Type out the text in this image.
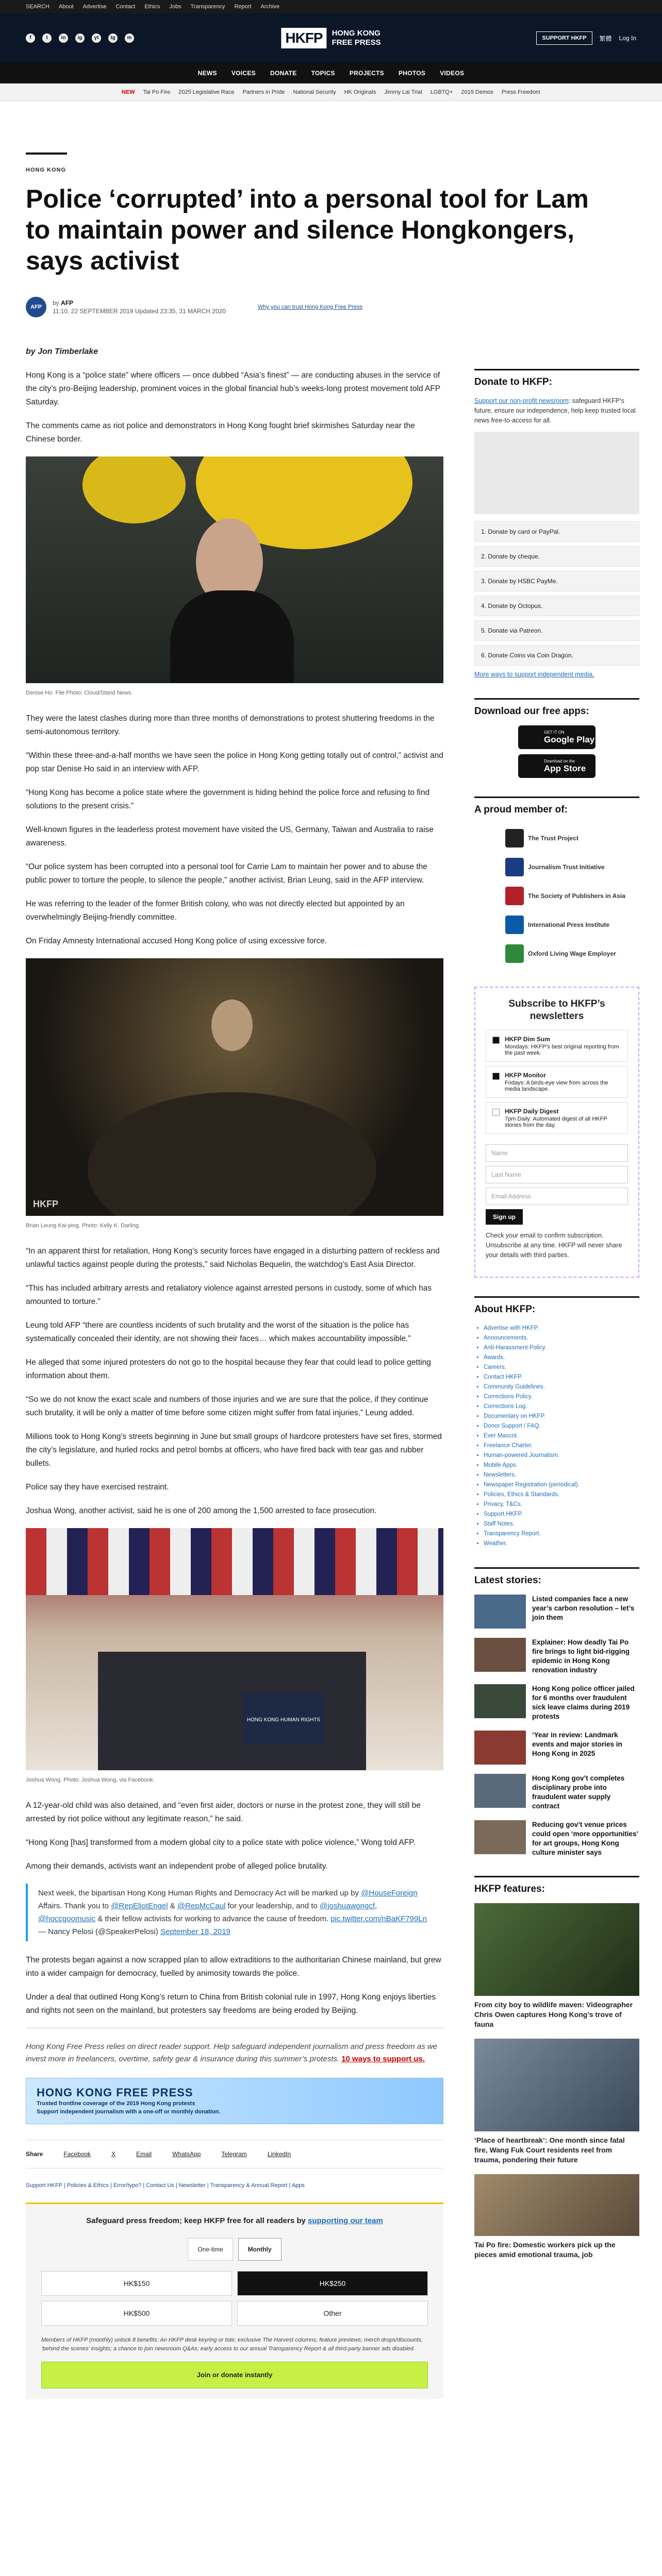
SEARCH About Advertise Contact Ethics Jobs Transparency Report Archive
f	t	in	ig	yt	tg	m	HKFP	HONG KONG
FREE PRESS	SUPPORT HKFP	繁體 Log In
NEWS VOICES DONATE TOPICS PROJECTS PHOTOS VIDEOS
NEW Tai Po Fire 2025 Legislative Race Partners in Pride National Security HK Originals Jimmy Lai Trial LGBTQ+ 2019 Demos Press Freedom
HONG KONG
Police ‘corrupted’ into a personal tool for Lam to maintain power and silence Hongkongers, says activist
AFP
by AFP
11:10, 22 SEPTEMBER 2019 Updated 23:35, 31 MARCH 2020
Why you can trust Hong Kong Free Press
by Jon Timberlake

Hong Kong is a “police state” where officers — once dubbed “Asia’s finest” — are conducting abuses in the service of the city’s pro-Beijing leadership, prominent voices in the global financial hub’s weeks-long protest movement told AFP Saturday.

The comments came as riot police and demonstrators in Hong Kong fought brief skirmishes Saturday near the Chinese border.

Denise Ho. File Photo: Cloud/Stand News.

They were the latest clashes during more than three months of demonstrations to protest shuttering freedoms in the semi-autonomous territory.

“Within these three-and-a-half months we have seen the police in Hong Kong getting totally out of control,” activist and pop star Denise Ho said in an interview with AFP.

“Hong Kong has become a police state where the government is hiding behind the police force and refusing to find solutions to the present crisis.”

Well-known figures in the leaderless protest movement have visited the US, Germany, Taiwan and Australia to raise awareness.

“Our police system has been corrupted into a personal tool for Carrie Lam to maintain her power and to abuse the public power to torture the people, to silence the people,” another activist, Brian Leung, said in the AFP interview.

He was referring to the leader of the former British colony, who was not directly elected but appointed by an overwhelmingly Beijing-friendly committee.

On Friday Amnesty International accused Hong Kong police of using excessive force.

HKFP
Brian Leung Kai-ping. Photo: Kelly K. Darling.

“In an apparent thirst for retaliation, Hong Kong’s security forces have engaged in a disturbing pattern of reckless and unlawful tactics against people during the protests,” said Nicholas Bequelin, the watchdog’s East Asia Director.

“This has included arbitrary arrests and retaliatory violence against arrested persons in custody, some of which has amounted to torture.”

Leung told AFP “there are countless incidents of such brutality and the worst of the situation is the police has systematically concealed their identity, are not showing their faces… which makes accountability impossible.”

He alleged that some injured protesters do not go to the hospital because they fear that could lead to police getting information about them.

“So we do not know the exact scale and numbers of those injuries and we are sure that the police, if they continue such brutality, it will be only a matter of time before some citizen might suffer from fatal injuries,” Leung added.

Millions took to Hong Kong’s streets beginning in June but small groups of hardcore protesters have set fires, stormed the city’s legislature, and hurled rocks and petrol bombs at officers, who have fired back with tear gas and rubber bullets.

Police say they have exercised restraint.

Joshua Wong, another activist, said he is one of 200 among the 1,500 arrested to face prosecution.

HONG KONG HUMAN RIGHTS
Joshua Wong. Photo: Joshua Wong, via Facebook.

A 12-year-old child was also detained, and “even first aider, doctors or nurse in the protest zone, they will still be arrested by riot police without any legitimate reason,” he said.

“Hong Kong [has] transformed from a modern global city to a police state with police violence,” Wong told AFP.

Among their demands, activists want an independent probe of alleged police brutality.

Next week, the bipartisan Hong Kong Human Rights and Democracy Act will be marked up by @HouseForeign Affairs. Thank you to @RepEliotEngel & @RepMcCaul for your leadership, and to @joshuawongcf, @hoccgoomusic & their fellow activists for working to advance the cause of freedom. pic.twitter.com/nBaKF799Ln
— Nancy Pelosi (@SpeakerPelosi) September 18, 2019

The protests began against a now scrapped plan to allow extraditions to the authoritarian Chinese mainland, but grew into a wider campaign for democracy, fuelled by animosity towards the police.

Under a deal that outlined Hong Kong’s return to China from British colonial rule in 1997, Hong Kong enjoys liberties and rights not seen on the mainland, but protesters say freedoms are being eroded by Beijing.

Hong Kong Free Press relies on direct reader support. Help safeguard independent journalism and press freedom as we invest more in freelancers, overtime, safety gear & insurance during this summer’s protests. 10 ways to support us.
HONG KONG FREE PRESS
Trusted frontline coverage of the 2019 Hong Kong protests
Support independent journalism with a one-off or monthly donation.
Share	Facebook	X	Email	WhatsApp	Telegram	LinkedIn
Support HKFP | Policies & Ethics | Error/typo? | Contact Us | Newsletter | Transparency & Annual Report | Apps
Safeguard press freedom; keep HKFP free for all readers by supporting our team
One-time	Monthly
HK$150	HK$250
HK$500	Other
Members of HKFP (monthly) unlock 8 benefits: An HKFP desk keyring or tote; exclusive The Harvest columns; feature previews; merch drops/discounts; ‘behind the scenes’ insights; a chance to join newsroom Q&As; early access to our annual Transparency Report & all third-party banner ads disabled.
Join or donate instantly
Donate to HKFP:
Support our non-profit newsroom: safeguard HKFP’s future, ensure our independence, help keep trusted local news free-to-access for all.
1. Donate by card or PayPal.
2. Donate by cheque.
3. Donate by HSBC PayMe.
4. Donate by Octopus.
5. Donate via Patreon.
6. Donate Coins via Coin Dragon.
More ways to support independent media.
Download our free apps:
GET IT ON
Google Play
Download on the
App Store
A proud member of:
The Trust Project
Journalism Trust Initiative
The Society of Publishers in Asia
International Press Institute
Oxford Living Wage Employer
Subscribe to HKFP’s newsletters
HKFP Dim Sum
Mondays: HKFP’s best original reporting from the past week.
HKFP Monitor
Fridays: A birds-eye view from across the media landscape.
HKFP Daily Digest
7pm Daily: Automated digest of all HKFP stories from the day.
Name
Last Name
Email Address
Sign up
Check your email to confirm subscription. Unsubscribe at any time. HKFP will never share your details with third parties.
About HKFP:
• Advertise with HKFP.
• Announcements.
• Anti-Harassment Policy.
• Awards.
• Careers.
• Contact HKFP.
• Community Guidelines.
• Corrections Policy.
• Corrections Log.
• Documentary on HKFP.
• Donor Support / FAQ.
• Ever Mascot.
• Freelance Charter.
• Human-powered Journalism.
• Mobile Apps.
• Newsletters.
• Newspaper Registration (periodical).
• Policies, Ethics & Standards.
• Privacy, T&Cs.
• Support HKFP.
• Staff Notes.
• Transparency Report.
• Weather.
Latest stories:
Listed companies face a new year’s carbon resolution – let’s join them
Explainer: How deadly Tai Po fire brings to light bid-rigging epidemic in Hong Kong renovation industry
Hong Kong police officer jailed for 6 months over fraudulent sick leave claims during 2019 protests
‘Year in review: Landmark events and major stories in Hong Kong in 2025
Hong Kong gov’t completes disciplinary probe into fraudulent water supply contract
Reducing gov’t venue prices could open ‘more opportunities’ for art groups, Hong Kong culture minister says
HKFP features:
From city boy to wildlife maven: Videographer Chris Owen captures Hong Kong’s trove of fauna
‘Place of heartbreak’: One month since fatal fire, Wang Fuk Court residents reel from trauma, pondering their future
Tai Po fire: Domestic workers pick up the pieces amid emotional trauma, job
